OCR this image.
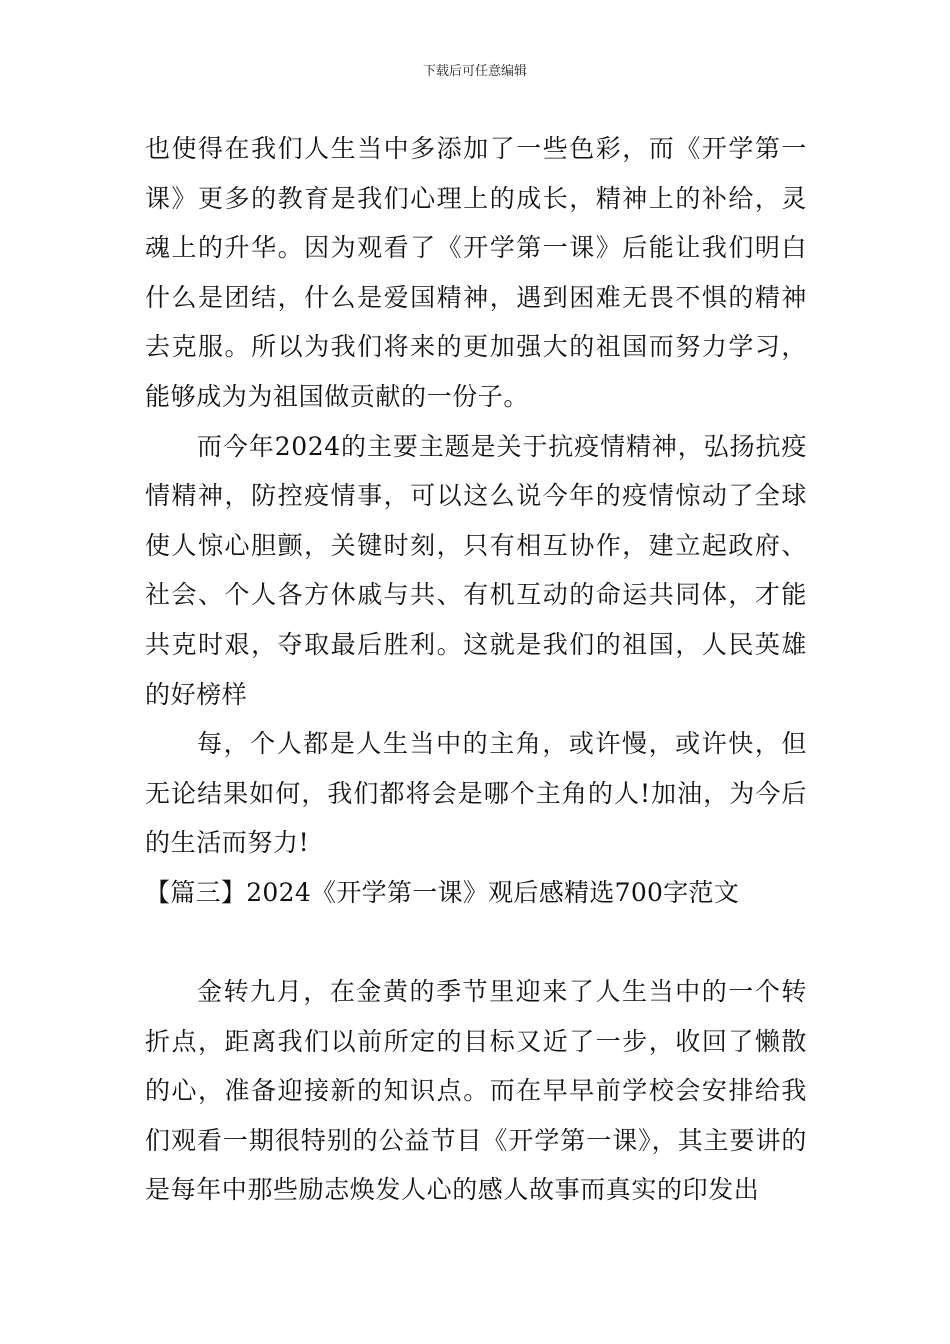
下载后可任意编辑

也使得在我们人生当中多添加了一些色彩，而《开学第一课》更多的教育是我们心理上的成长，精神上的补给，灵魂上的升华。因为观看了《开学第一课》后能让我们明白什么是团结，什么是爱国精神，遇到困难无畏不惧的精神去克服。所以为我们将来的更加强大的祖国而努力学习，能够成为为祖国做贡献的一份子。

而今年2024的主要主题是关于抗疫情精神，弘扬抗疫情精神，防控疫情事，可以这么说今年的疫情惊动了全球使人惊心胆颤，关键时刻，只有相互协作，建立起政府、社会、个人各方休戚与共、有机互动的命运共同体，才能共克时艰，夺取最后胜利。这就是我们的祖国，人民英雄的好榜样

每，个人都是人生当中的主角，或许慢，或许快，但无论结果如何，我们都将会是哪个主角的人!加油，为今后的生活而努力!

【篇三】2024《开学第一课》观后感精选700字范文

金转九月，在金黄的季节里迎来了人生当中的一个转折点，距离我们以前所定的目标又近了一步，收回了懒散的心，准备迎接新的知识点。而在早早前学校会安排给我们观看一期很特别的公益节目《开学第一课》，其主要讲的是每年中那些励志焕发人心的感人故事而真实的印发出
